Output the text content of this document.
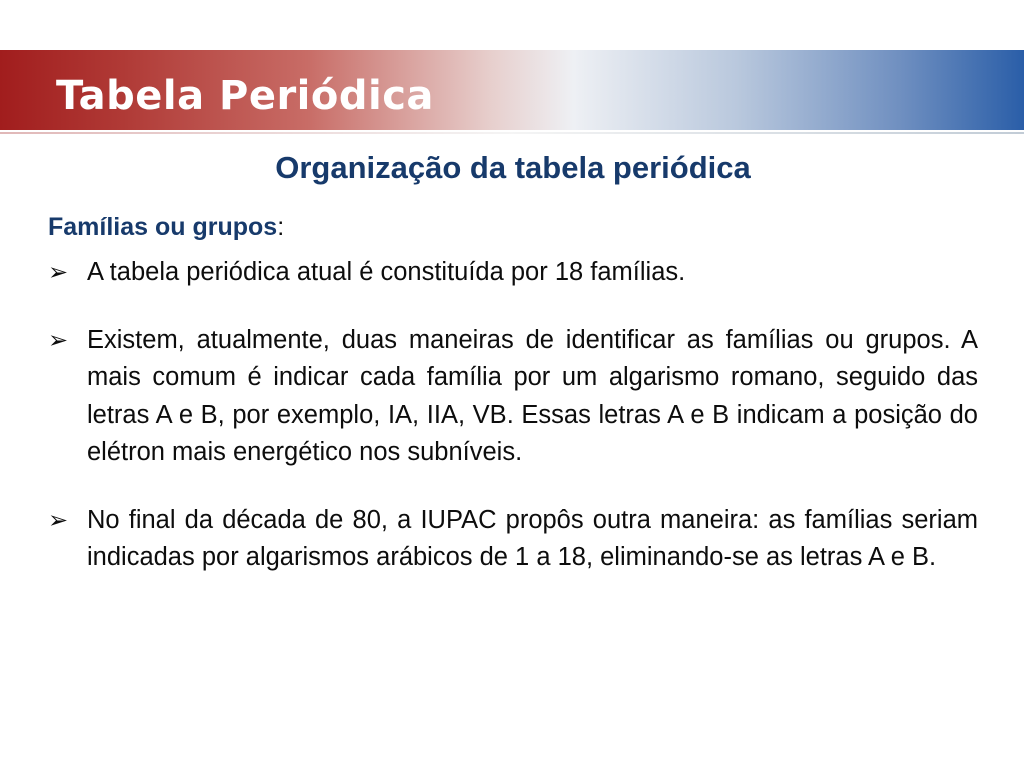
Tabela Periódica
Organização da tabela periódica

Famílias ou grupos:

➢ A tabela periódica atual é constituída por 18 famílias.
➢ Existem, atualmente, duas maneiras de identificar as famílias ou grupos. A mais comum é indicar cada família por um algarismo romano, seguido das letras A e B, por exemplo, IA, IIA, VB. Essas letras A e B indicam a posição do elétron mais energético nos subníveis.
➢ No final da década de 80, a IUPAC propôs outra maneira: as famílias seriam indicadas por algarismos arábicos de 1 a 18, eliminando-se as letras A e B.
